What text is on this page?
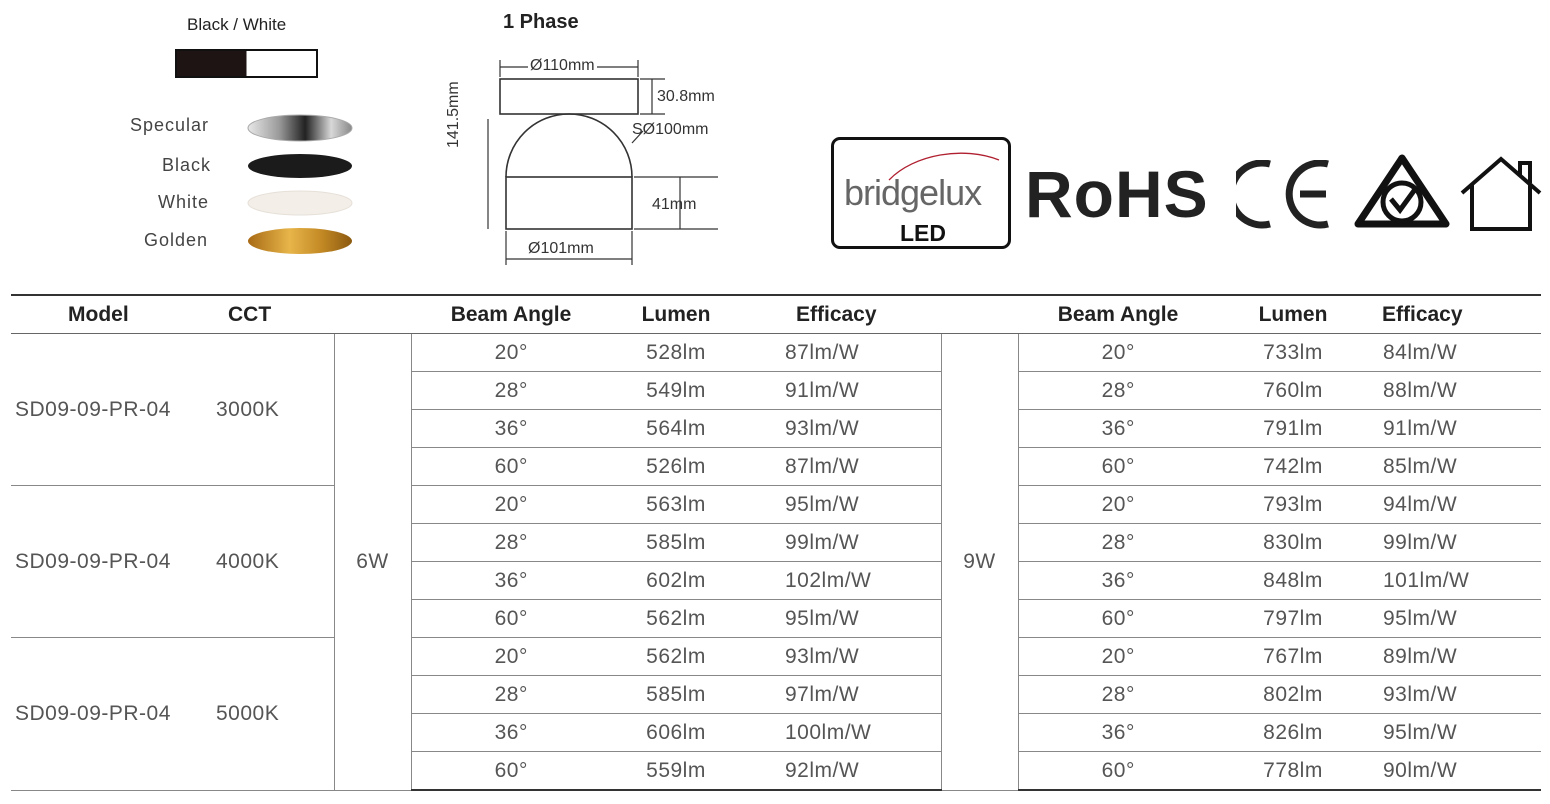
Black / White
Specular
Black
White
Golden
1 Phase
Ø110mm
30.8mm
SØ100mm
141.5mm
41mm
Ø101mm
bridgelux
LED
RoHS
Model	CCT		Beam Angle	Lumen	Efficacy		Beam Angle	Lumen	Efficacy
SD09-09-PR-04	3000K	6W	20°	528lm	87lm/W	9W	20°	733lm	84lm/W
			28°	549lm	91lm/W		28°	760lm	88lm/W
			36°	564lm	93lm/W		36°	791lm	91lm/W
			60°	526lm	87lm/W		60°	742lm	85lm/W
SD09-09-PR-04	4000K		20°	563lm	95lm/W		20°	793lm	94lm/W
			28°	585lm	99lm/W		28°	830lm	99lm/W
			36°	602lm	102lm/W		36°	848lm	101lm/W
			60°	562lm	95lm/W		60°	797lm	95lm/W
SD09-09-PR-04	5000K		20°	562lm	93lm/W		20°	767lm	89lm/W
			28°	585lm	97lm/W		28°	802lm	93lm/W
			36°	606lm	100lm/W		36°	826lm	95lm/W
			60°	559lm	92lm/W		60°	778lm	90lm/W
